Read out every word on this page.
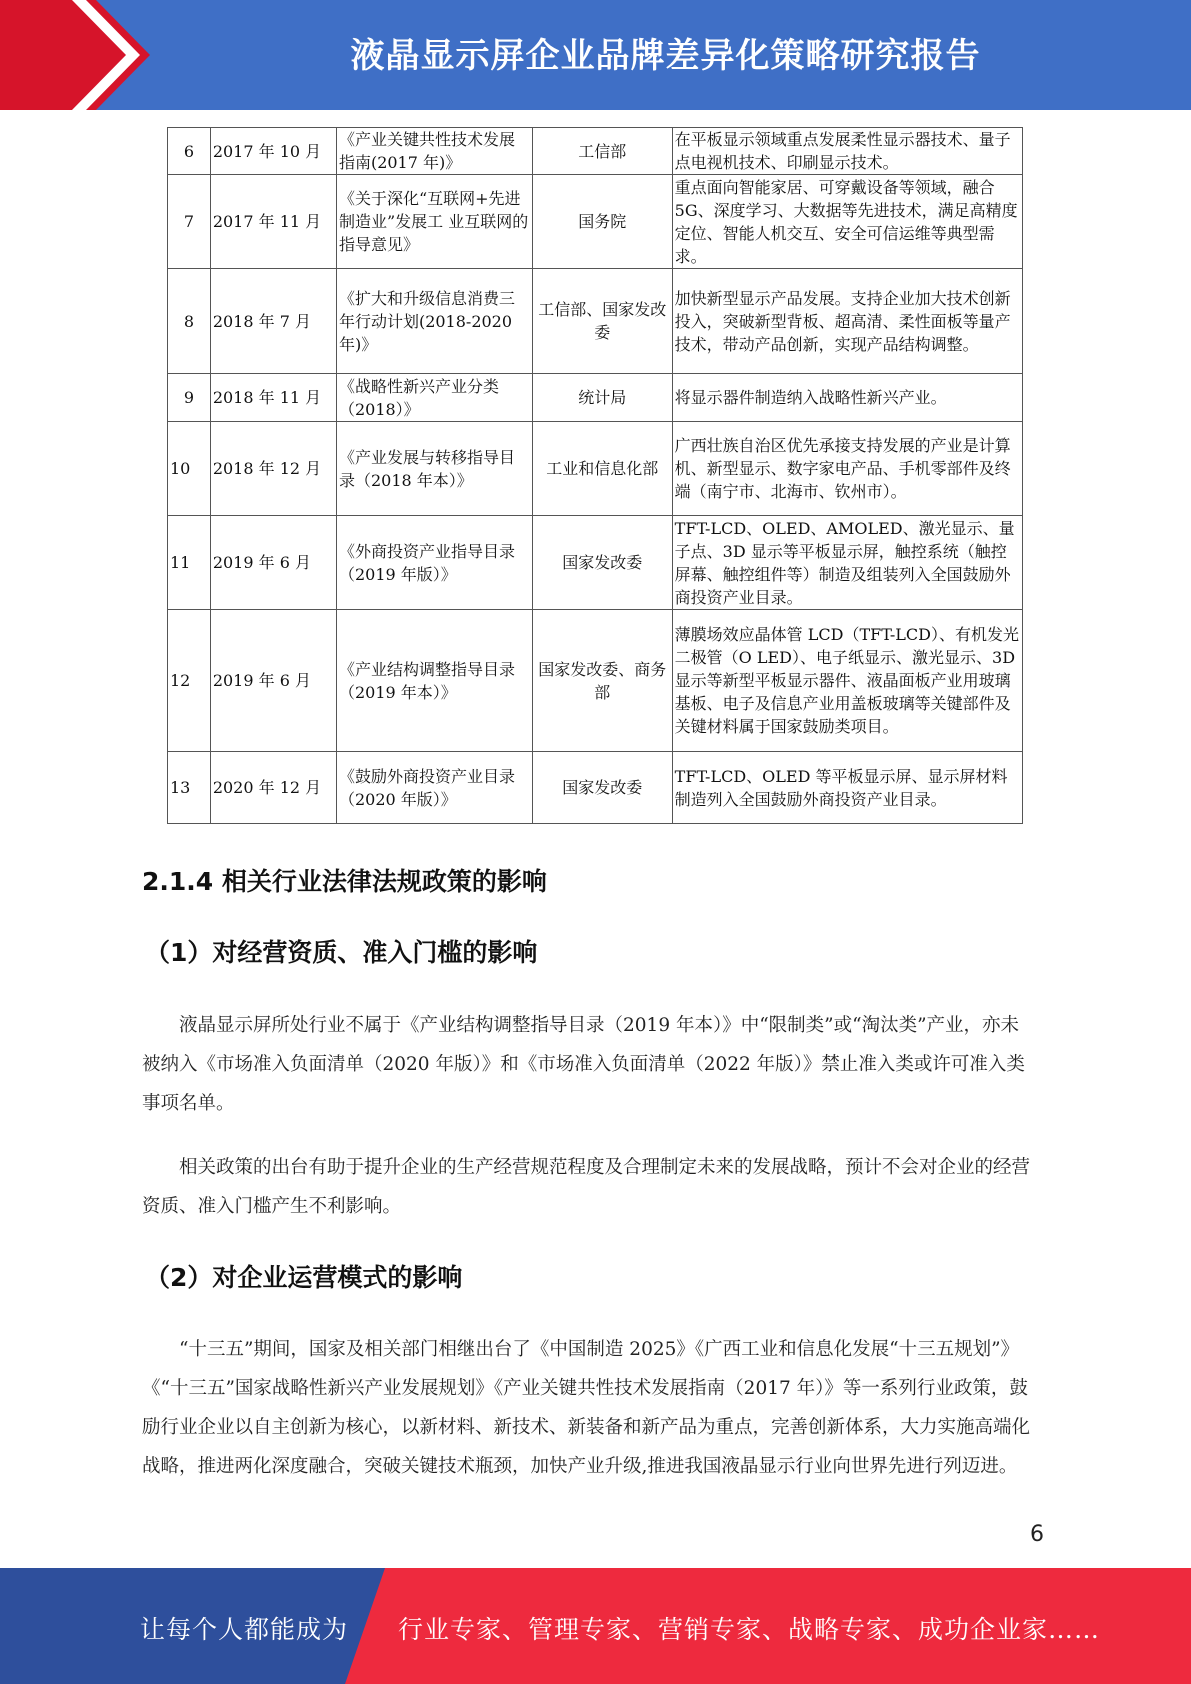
液晶显示屏企业品牌差异化策略研究报告
6	2017 年 10 月	《产业关键共性技术发展指南(2017 年)》	工信部	在平板显示领域重点发展柔性显示器技术、量子点电视机技术、印刷显示技术。
7	2017 年 11 月	《关于深化“互联网+先进制造业”发展工 业互联网的指导意见》	国务院	重点面向智能家居、可穿戴设备等领域，融合 5G、深度学习、大数据等先进技术，满足高精度定位、智能人机交互、安全可信运维等典型需求。
8	2018 年 7 月	《扩大和升级信息消费三年行动计划(2018-2020 年)》	工信部、国家发改委	加快新型显示产品发展。支持企业加大技术创新投入，突破新型背板、超高清、柔性面板等量产技术，带动产品创新，实现产品结构调整。
9	2018 年 11 月	《战略性新兴产业分类（2018）》	统计局	将显示器件制造纳入战略性新兴产业。
10	2018 年 12 月	《产业发展与转移指导目录（2018 年本）》	工业和信息化部	广西壮族自治区优先承接支持发展的产业是计算机、新型显示、数字家电产品、手机零部件及终端（南宁市、北海市、钦州市）。
11	2019 年 6 月	《外商投资产业指导目录（2019 年版）》	国家发改委	TFT-LCD、OLED、AMOLED、激光显示、量子点、3D 显示等平板显示屏，触控系统（触控屏幕、触控组件等）制造及组装列入全国鼓励外商投资产业目录。
12	2019 年 6 月	《产业结构调整指导目录（2019 年本）》	国家发改委、商务部	薄膜场效应晶体管 LCD（TFT-LCD）、有机发光二极管（O LED）、电子纸显示、激光显示、3D 显示等新型平板显示器件、液晶面板产业用玻璃基板、电子及信息产业用盖板玻璃等关键部件及关键材料属于国家鼓励类项目。
13	2020 年 12 月	《鼓励外商投资产业目录（2020 年版）》	国家发改委	TFT-LCD、OLED 等平板显示屏、显示屏材料制造列入全国鼓励外商投资产业目录。
2.1.4 相关行业法律法规政策的影响
（1）对经营资质、准入门槛的影响
液晶显示屏所处行业不属于《产业结构调整指导目录（2019 年本）》中“限制类”或“淘汰类”产业，亦未被纳入《市场准入负面清单（2020 年版）》和《市场准入负面清单（2022 年版）》禁止准入类或许可准入类事项名单。
相关政策的出台有助于提升企业的生产经营规范程度及合理制定未来的发展战略，预计不会对企业的经营资质、准入门槛产生不利影响。
（2）对企业运营模式的影响
“十三五”期间，国家及相关部门相继出台了《中国制造 2025》《广西工业和信息化发展“十三五规划”》《“十三五”国家战略性新兴产业发展规划》《产业关键共性技术发展指南（2017 年）》等一系列行业政策，鼓励行业企业以自主创新为核心，以新材料、新技术、新装备和新产品为重点，完善创新体系，大力实施高端化战略，推进两化深度融合，突破关键技术瓶颈，加快产业升级,推进我国液晶显示行业向世界先进行列迈进。
6
让每个人都能成为 行业专家、管理专家、营销专家、战略专家、成功企业家……
